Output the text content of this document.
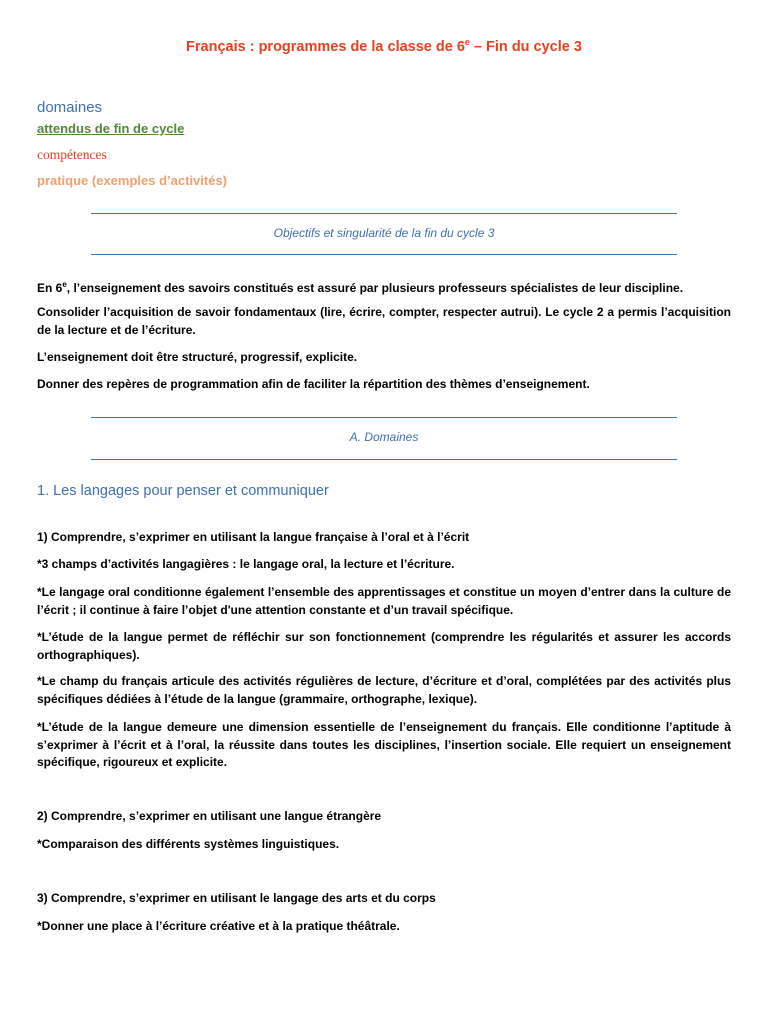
Français : programmes de la classe de 6e – Fin du cycle 3
domaines
attendus de fin de cycle
compétences
pratique (exemples d’activités)
Objectifs et singularité de la fin du cycle 3
En 6e, l’enseignement des savoirs constitués est assuré par plusieurs professeurs spécialistes de leur discipline.
Consolider l’acquisition de savoir fondamentaux (lire, écrire, compter, respecter autrui). Le cycle 2 a permis l’acquisition de la lecture et de l’écriture.
L’enseignement doit être structuré, progressif, explicite.
Donner des repères de programmation afin de faciliter la répartition des thèmes d’enseignement.
A. Domaines
1. Les langages pour penser et communiquer
1) Comprendre, s’exprimer en utilisant la langue française à l’oral et à l’écrit
*3 champs d’activités langagières : le langage oral, la lecture et l’écriture.
*Le langage oral conditionne également l’ensemble des apprentissages et constitue un moyen d’entrer dans la culture de l’écrit ; il continue à faire l’objet d'une attention constante et d’un travail spécifique.
*L’étude de la langue permet de réfléchir sur son fonctionnement (comprendre les régularités et assurer les accords orthographiques).
*Le champ du français articule des activités régulières de lecture, d’écriture et d’oral, complétées par des activités plus spécifiques dédiées à l’étude de la langue (grammaire, orthographe, lexique).
*L’étude de la langue demeure une dimension essentielle de l’enseignement du français. Elle conditionne l’aptitude à s’exprimer à l’écrit et à l’oral, la réussite dans toutes les disciplines, l’insertion sociale. Elle requiert un enseignement spécifique, rigoureux et explicite.
2) Comprendre, s’exprimer en utilisant une langue étrangère
*Comparaison des différents systèmes linguistiques.
3) Comprendre, s’exprimer en utilisant le langage des arts et du corps
*Donner une place à l’écriture créative et à la pratique théâtrale.
